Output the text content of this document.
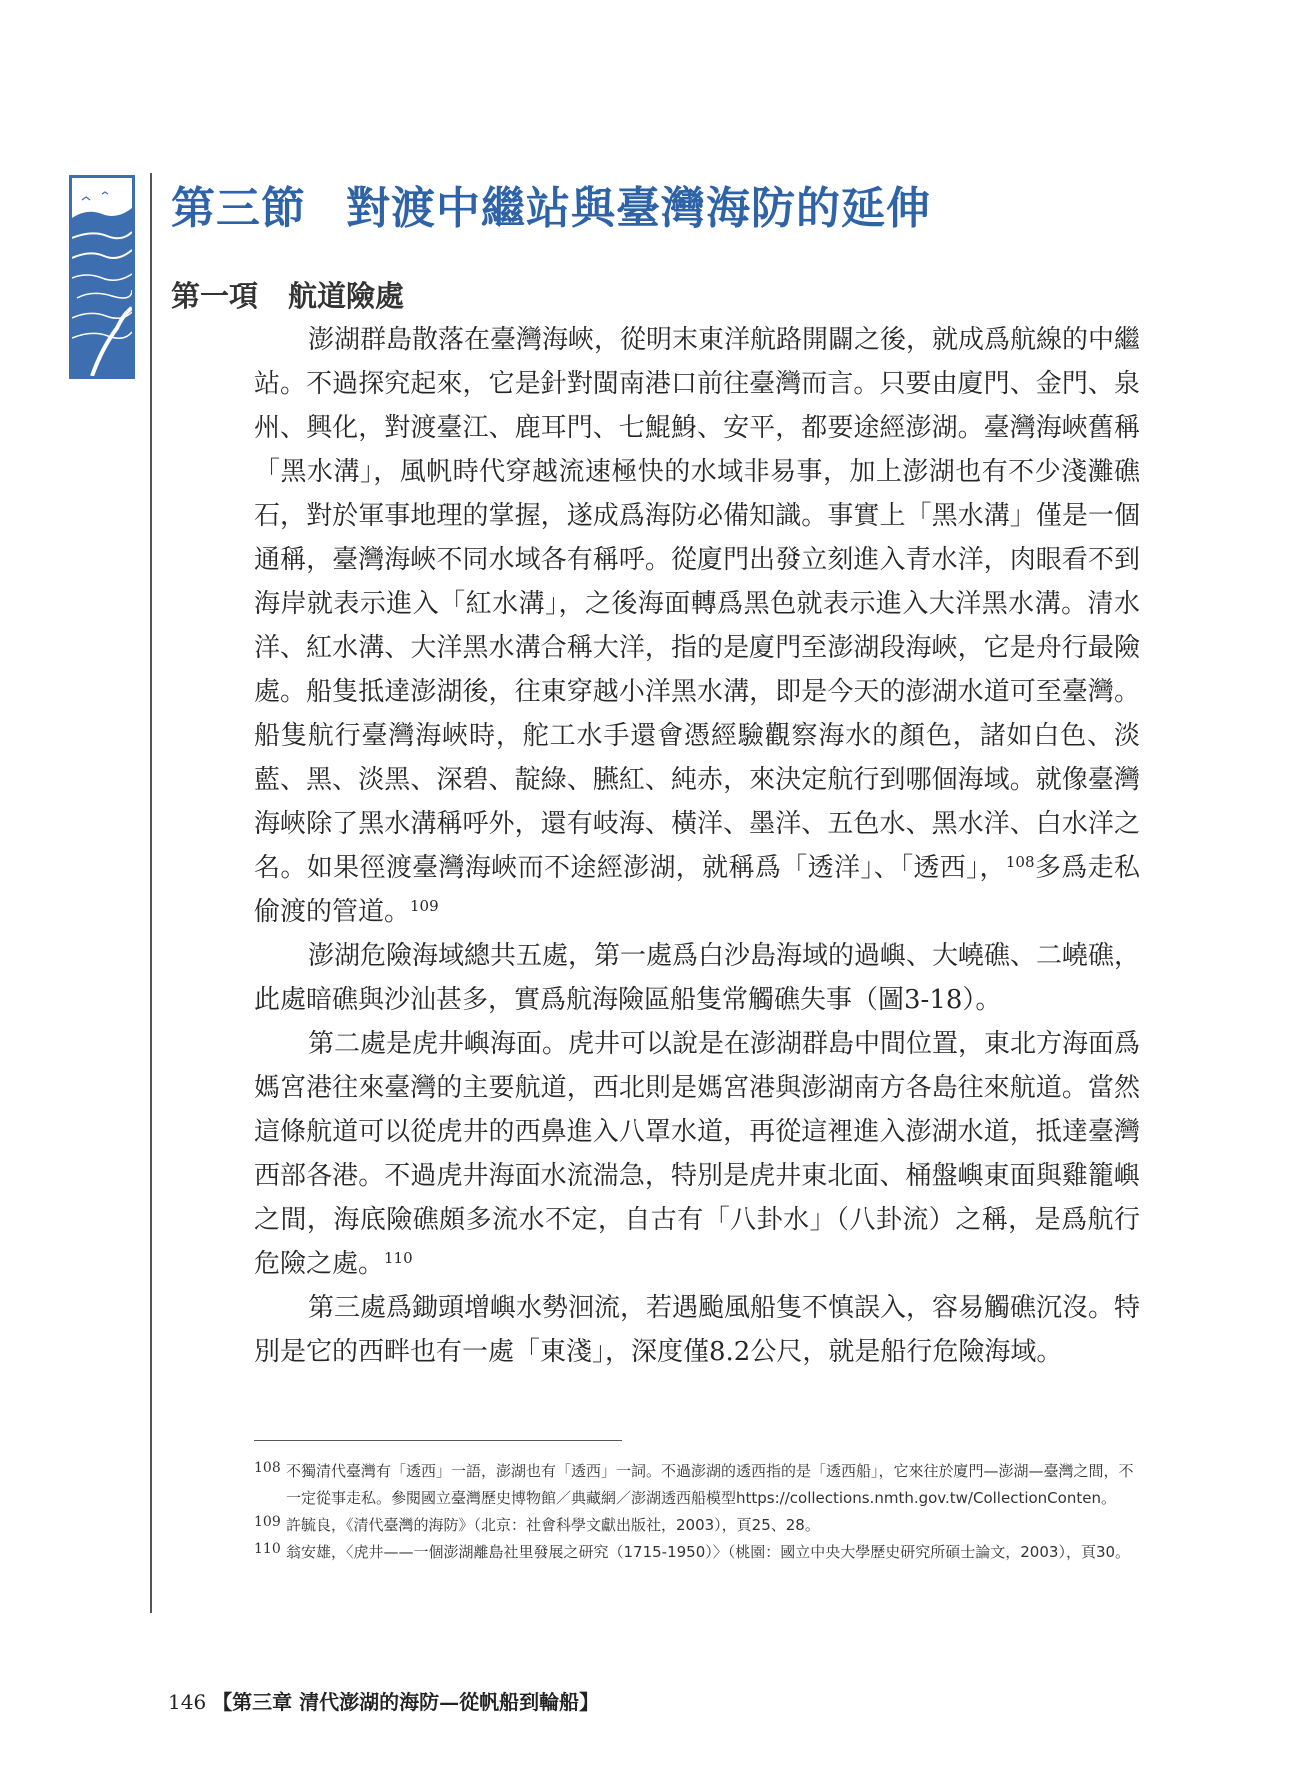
第三節 對渡中繼站與臺灣海防的延伸
第一項 航道險處

澎湖群島散落在臺灣海峽，從明末東洋航路開闢之後，就成爲航線的中繼站。不過探究起來，它是針對閩南港口前往臺灣而言。只要由廈門、金門、泉州、興化，對渡臺江、鹿耳門、七鯤鯓、安平，都要途經澎湖。臺灣海峽舊稱「黑水溝」，風帆時代穿越流速極快的水域非易事，加上澎湖也有不少淺灘礁石，對於軍事地理的掌握，遂成爲海防必備知識。事實上「黑水溝」僅是一個通稱，臺灣海峽不同水域各有稱呼。從廈門出發立刻進入青水洋，肉眼看不到海岸就表示進入「紅水溝」，之後海面轉爲黑色就表示進入大洋黑水溝。清水洋、紅水溝、大洋黑水溝合稱大洋，指的是廈門至澎湖段海峽，它是舟行最險處。船隻抵達澎湖後，往東穿越小洋黑水溝，即是今天的澎湖水道可至臺灣。船隻航行臺灣海峽時，舵工水手還會憑經驗觀察海水的顏色，諸如白色、淡藍、黑、淡黑、深碧、靛綠、臙紅、純赤，來決定航行到哪個海域。就像臺灣海峽除了黑水溝稱呼外，還有岐海、橫洋、墨洋、五色水、黑水洋、白水洋之名。如果徑渡臺灣海峽而不途經澎湖，就稱爲「透洋」、「透西」，$^{108}$多爲走私偷渡的管道。$^{109}$

澎湖危險海域總共五處，第一處爲白沙島海域的過嶼、大嶢礁、二嶢礁，此處暗礁與沙汕甚多，實爲航海險區船隻常觸礁失事（圖3-18）。

第二處是虎井嶼海面。虎井可以說是在澎湖群島中間位置，東北方海面爲媽宮港往來臺灣的主要航道，西北則是媽宮港與澎湖南方各島往來航道。當然這條航道可以從虎井的西鼻進入八罩水道，再從這裡進入澎湖水道，抵達臺灣西部各港。不過虎井海面水流湍急，特別是虎井東北面、桶盤嶼東面與雞籠嶼之間，海底險礁頗多流水不定，自古有「八卦水」（八卦流）之稱，是爲航行危險之處。$^{110}$

第三處爲鋤頭增嶼水勢洄流，若遇颱風船隻不慎誤入，容易觸礁沉沒。特別是它的西畔也有一處「東淺」，深度僅8.2公尺，就是船行危險海域。

108 不獨清代臺灣有「透西」一語，澎湖也有「透西」一詞。不過澎湖的透西指的是「透西船」，它來往於廈門—澎湖—臺灣之間，不一定從事走私。參閱國立臺灣歷史博物館／典藏網／澎湖透西船模型https://collections.nmth.gov.tw/CollectionConten。

109 許毓良，《清代臺灣的海防》（北京：社會科學文獻出版社，2003），頁25、28。

110 翁安雄，〈虎井——一個澎湖離島社里發展之研究（1715-1950）〉（桃園：國立中央大學歷史研究所碩士論文，2003），頁30。

146 【第三章 清代澎湖的海防—從帆船到輪船】
